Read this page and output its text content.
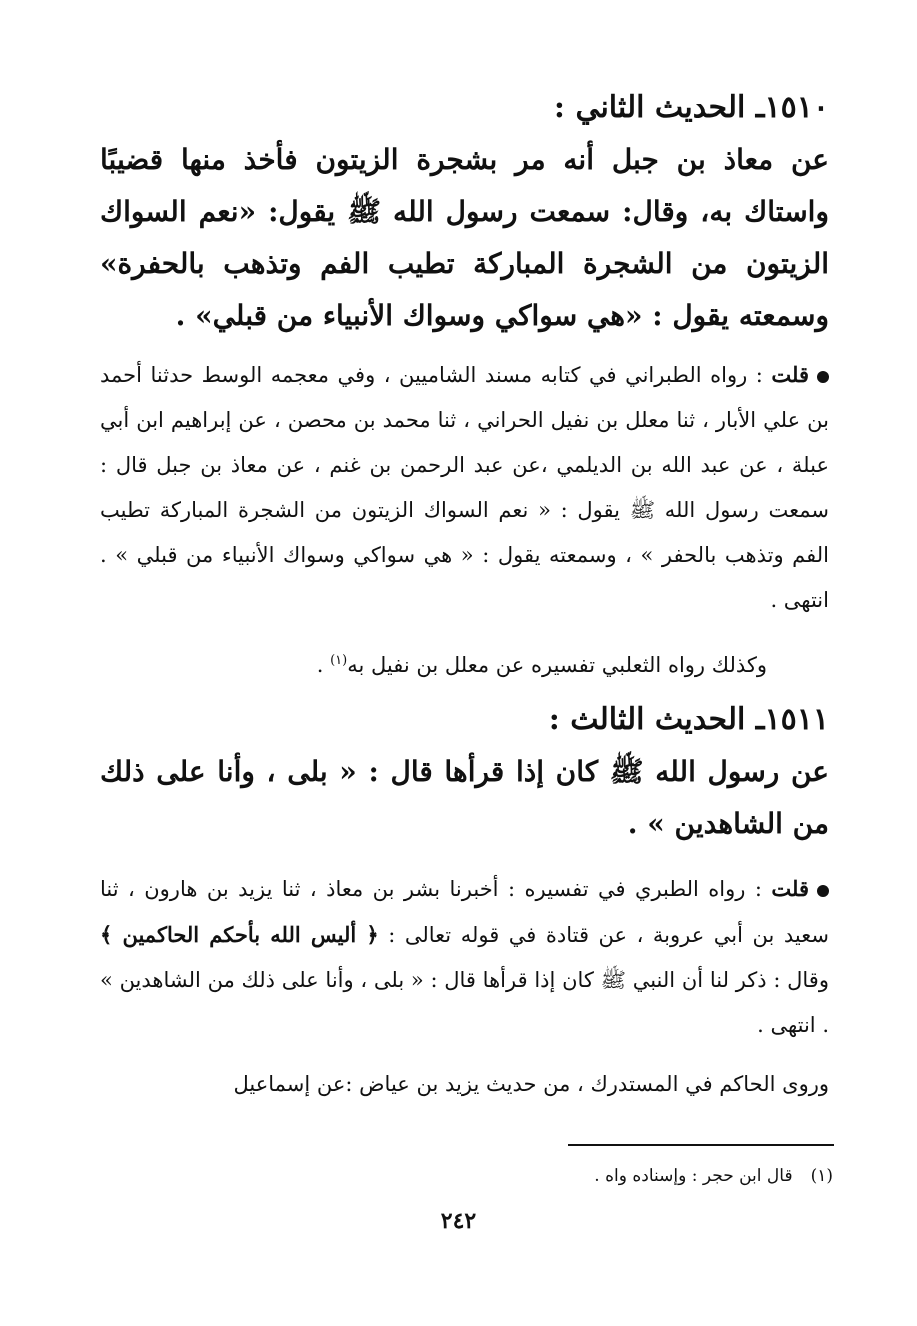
١٥١٠ـ الحديث الثاني :
عن معاذ بن جبل أنه مر بشجرة الزيتون فأخذ منها قضيبًا واستاك به، وقال: سمعت رسول الله ﷺ يقول: «نعم السواك الزيتون من الشجرة المباركة تطيب الفم وتذهب بالحفرة» وسمعته يقول : «هي سواكي وسواك الأنبياء من قبلي» .
قلت : رواه الطبراني في كتابه مسند الشاميين ، وفي معجمه الوسط حدثنا أحمد بن علي الأبار ، ثنا معلل بن نفيل الحراني ، ثنا محمد بن محصن ، عن إبراهيم ابن أبي عبلة ، عن عبد الله بن الديلمي ،عن عبد الرحمن بن غنم ، عن معاذ بن جبل قال : سمعت رسول الله ﷺ يقول : « نعم السواك الزيتون من الشجرة المباركة تطيب الفم وتذهب بالحفر » ، وسمعته يقول : « هي سواكي وسواك الأنبياء من قبلي » . انتهى .
وكذلك رواه الثعلبي تفسيره عن معلل بن نفيل به$^{(١)}$ .
١٥١١ـ الحديث الثالث :
عن رسول الله ﷺ كان إذا قرأها قال : « بلى ، وأنا على ذلك من الشاهدين » .
قلت : رواه الطبري في تفسيره : أخبرنا بشر بن معاذ ، ثنا يزيد بن هارون ، ثنا سعيد بن أبي عروبة ، عن قتادة في قوله تعالى : ﴿ أليس الله بأحكم الحاكمين ﴾ وقال : ذكر لنا أن النبي ﷺ كان إذا قرأها قال : « بلى ، وأنا على ذلك من الشاهدين » . انتهى .
وروى الحاكم في المستدرك ، من حديث يزيد بن عياض :عن إسماعيل
(١)قال ابن حجر : وإسناده واه .
٢٤٢
